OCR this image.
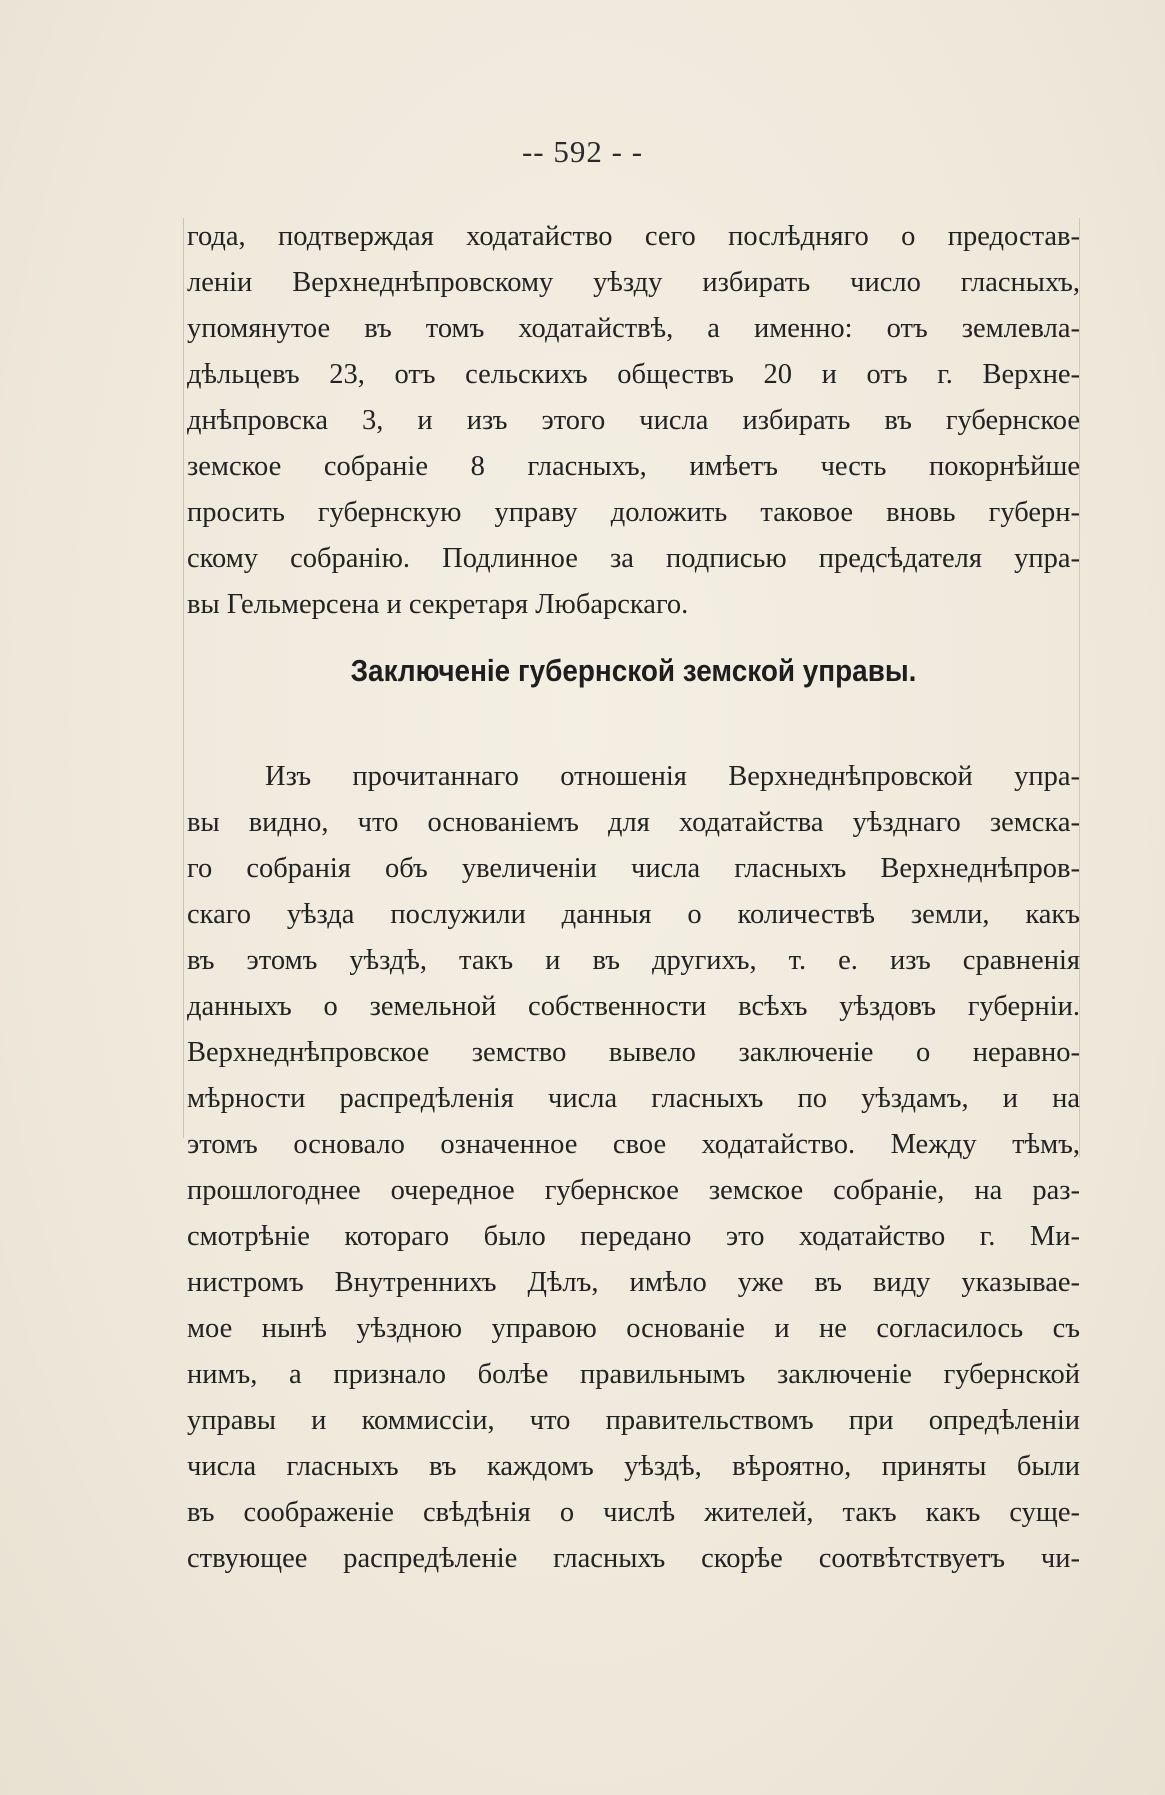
-- 592 - -
года, подтверждая ходатайство сего послѣдняго о предостав-
леніи Верхнеднѣпровскому уѣзду избирать число гласныхъ,
упомянутое въ томъ ходатайствѣ, а именно: отъ землевла-
дѣльцевъ 23, отъ сельскихъ обществъ 20 и отъ г. Верхне-
днѣпровска 3, и изъ этого числа избирать въ губернское
земское собраніе 8 гласныхъ, имѣетъ честь покорнѣйше
просить губернскую управу доложить таковое вновь губерн-
скому собранію. Подлинное за подписью предсѣдателя упра-
вы Гельмерсена и секретаря Любарскаго.
Заключеніе губернской земской управы.
Изъ прочитаннаго отношенія Верхнеднѣпровской упра-
вы видно, что основаніемъ для ходатайства уѣзднаго земска-
го собранія объ увеличеніи числа гласныхъ Верхнеднѣпров-
скаго уѣзда послужили данныя о количествѣ земли, какъ
въ этомъ уѣздѣ, такъ и въ другихъ, т. е. изъ сравненія
данныхъ о земельной собственности всѣхъ уѣздовъ губерніи.
Верхнеднѣпровское земство вывело заключеніе о неравно-
мѣрности распредѣленія числа гласныхъ по уѣздамъ, и на
этомъ основало означенное свое ходатайство. Между тѣмъ,
прошлогоднее очередное губернское земское собраніе, на раз-
смотрѣніе котораго было передано это ходатайство г. Ми-
нистромъ Внутреннихъ Дѣлъ, имѣло уже въ виду указывае-
мое нынѣ уѣздною управою основаніе и не согласилось съ
нимъ, а признало болѣе правильнымъ заключеніе губернской
управы и коммиссіи, что правительствомъ при опредѣленіи
числа гласныхъ въ каждомъ уѣздѣ, вѣроятно, приняты были
въ соображеніе свѣдѣнія о числѣ жителей, такъ какъ суще-
ствующее распредѣленіе гласныхъ скорѣе соотвѣтствуетъ чи-
